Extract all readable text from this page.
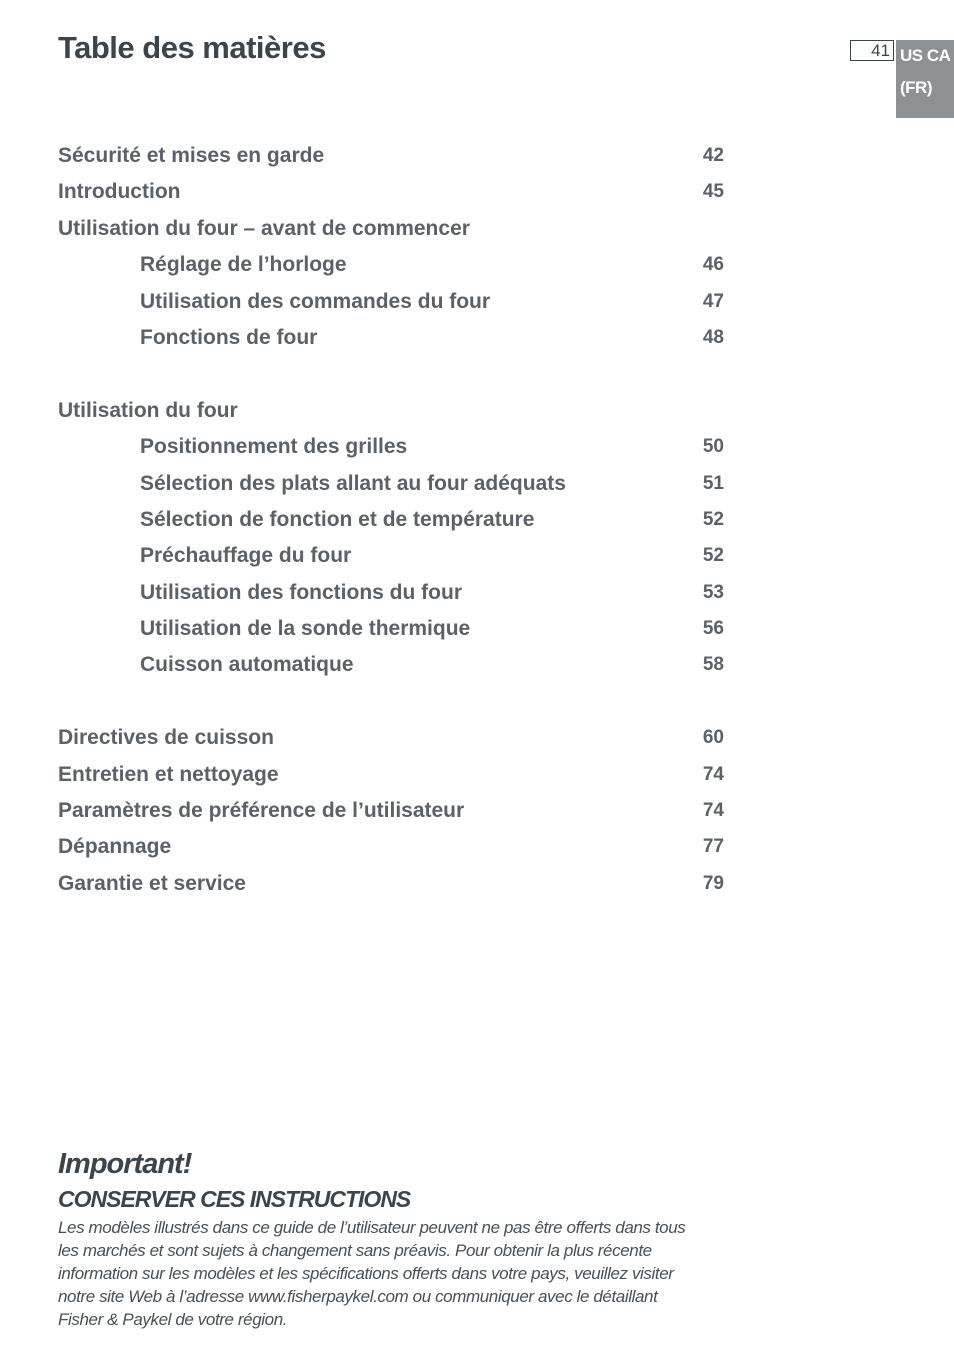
Table des matières	41 US CA
(FR)
Sécurité et mises en garde	42
Introduction	45
Utilisation du four – avant de commencer
Réglage de l’horloge	46
Utilisation des commandes du four	47
Fonctions de four	48
Utilisation du four
Positionnement des grilles	50
Sélection des plats allant au four adéquats	51
Sélection de fonction et de température	52
Préchauffage du four	52
Utilisation des fonctions du four	53
Utilisation de la sonde thermique	56
Cuisson automatique	58
Directives de cuisson	60
Entretien et nettoyage	74
Paramètres de préférence de l’utilisateur	74
Dépannage	77
Garantie et service	79

Important!

CONSERVER CES INSTRUCTIONS

Les modèles illustrés dans ce guide de l’utilisateur peuvent ne pas être offerts dans tous
les marchés et sont sujets à changement sans préavis. Pour obtenir la plus récente
information sur les modèles et les spécifications offerts dans votre pays, veuillez visiter
notre site Web à l’adresse www.fisherpaykel.com ou communiquer avec le détaillant
Fisher & Paykel de votre région.
